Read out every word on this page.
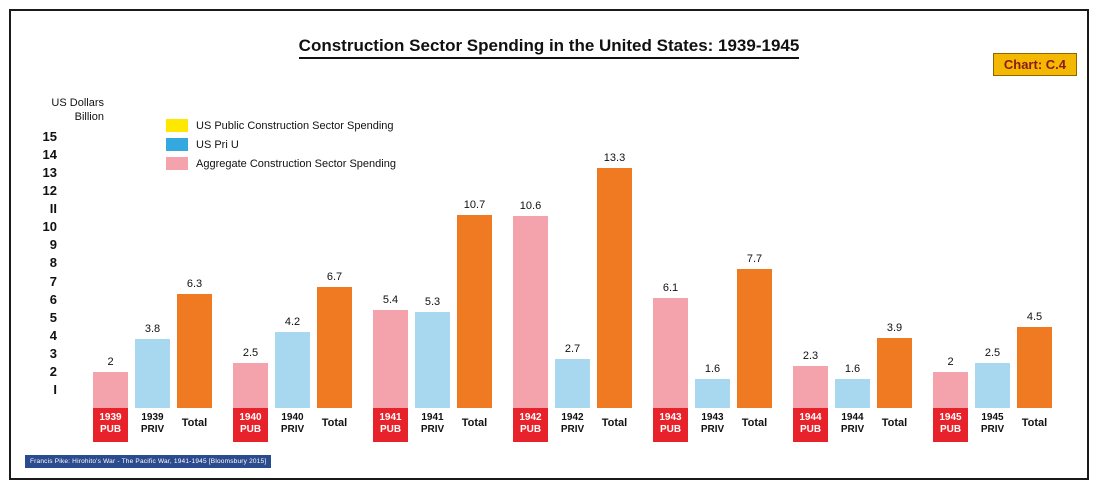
Construction Sector Spending in the United States: 1939-1945
Chart: C.4
US Dollars
Billion
US Public Construction Sector Spending
US Pri U
Aggregate Construction Sector Spending
I
2
3
4
5
6
7
8
9
10
II
12
13
14
15
2
1939
PUB
3.8
1939
PRIV
6.3
Total
2.5
1940
PUB
4.2
1940
PRIV
6.7
Total
5.4
1941
PUB
5.3
1941
PRIV
10.7
Total
10.6
1942
PUB
2.7
1942
PRIV
13.3
Total
6.1
1943
PUB
1.6
1943
PRIV
7.7
Total
2.3
1944
PUB
1.6
1944
PRIV
3.9
Total
2
1945
PUB
2.5
1945
PRIV
4.5
Total
Francis Pike: Hirohito's War - The Pacific War, 1941-1945 [Bloomsbury 2015]
